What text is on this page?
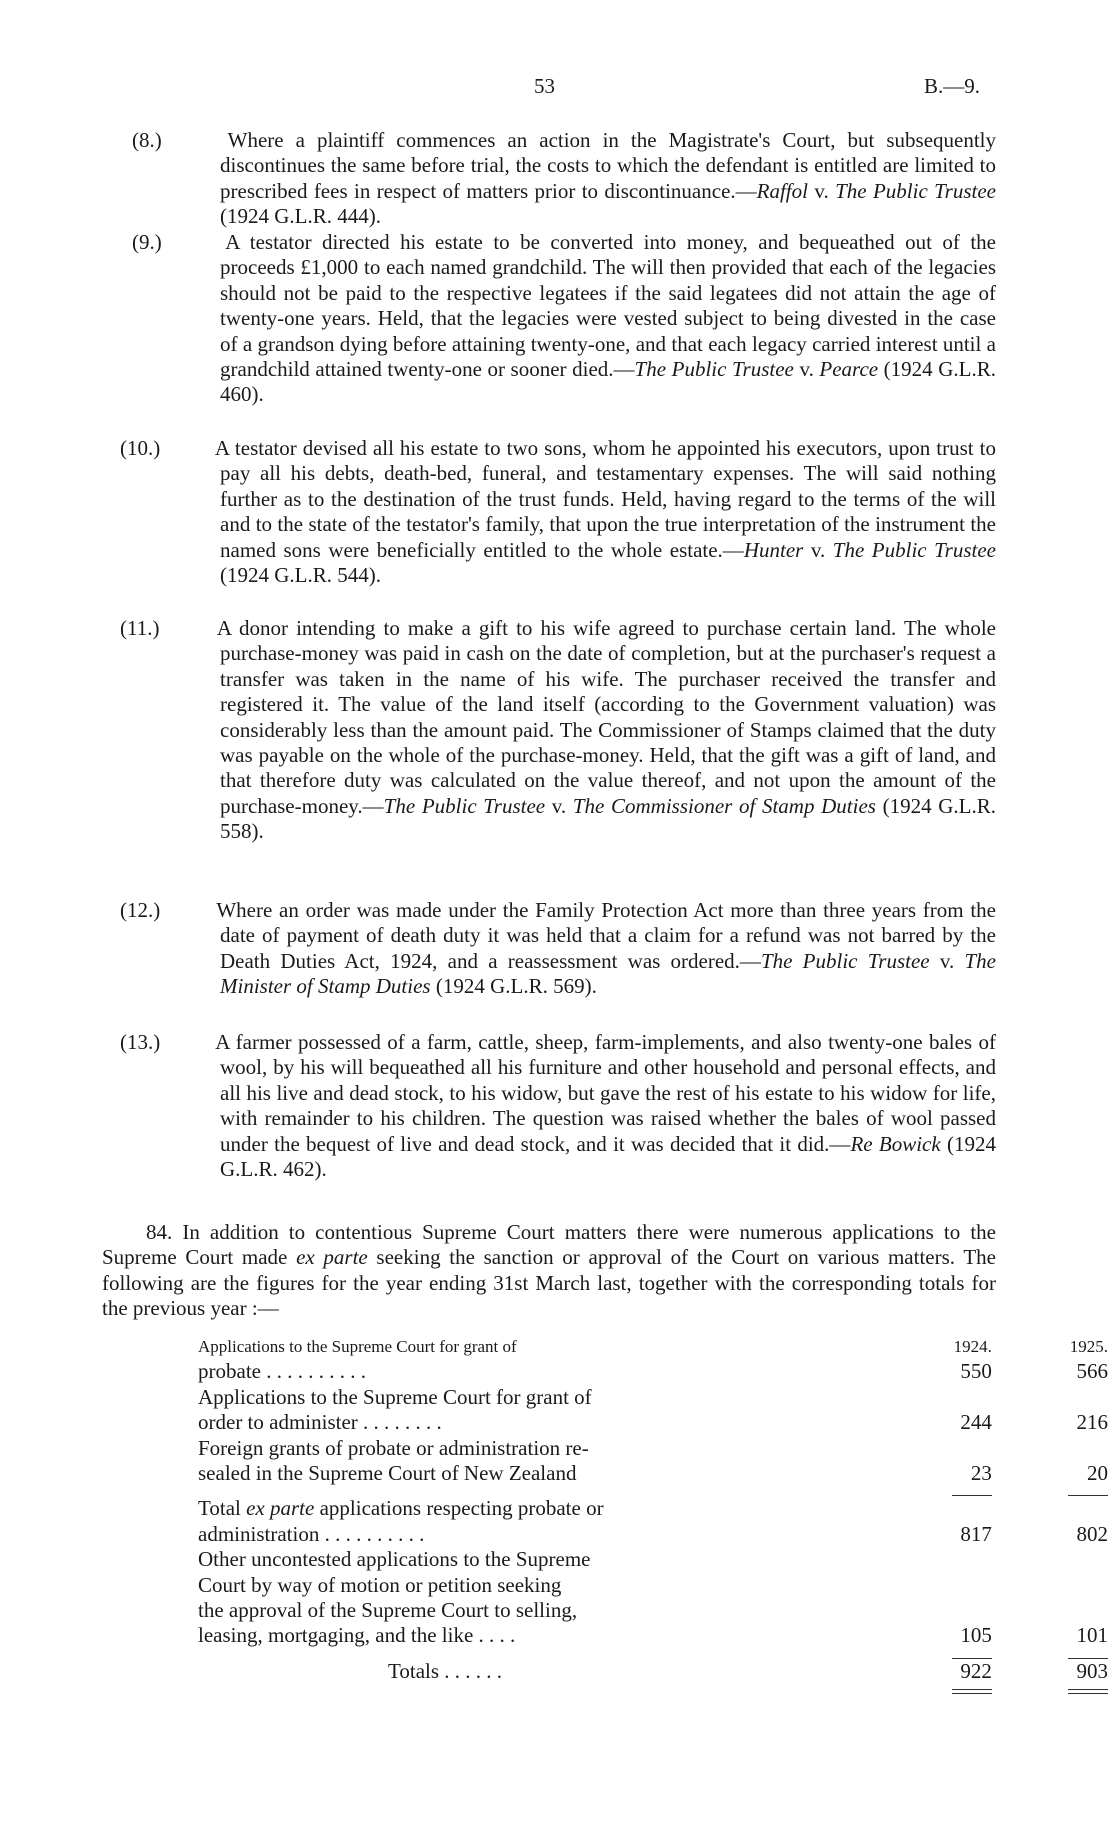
53	B.—9.
(8.)	Where a plaintiff commences an action in the Magistrate's Court, but subsequently discontinues the same before trial, the costs to which the defendant is entitled are limited to prescribed fees in respect of matters prior to discontinuance.—Raffol v. The Public Trustee (1924 G.L.R. 444).
(9.)	A testator directed his estate to be converted into money, and bequeathed out of the proceeds £1,000 to each named grandchild. The will then provided that each of the legacies should not be paid to the respective legatees if the said legatees did not attain the age of twenty-one years. Held, that the legacies were vested subject to being divested in the case of a grandson dying before attaining twenty-one, and that each legacy carried interest until a grandchild attained twenty-one or sooner died.—The Public Trustee v. Pearce (1924 G.L.R. 460).
(10.)	A testator devised all his estate to two sons, whom he appointed his executors, upon trust to pay all his debts, death-bed, funeral, and testamentary expenses. The will said nothing further as to the destination of the trust funds. Held, having regard to the terms of the will and to the state of the testator's family, that upon the true interpretation of the instrument the named sons were beneficially entitled to the whole estate.—Hunter v. The Public Trustee (1924 G.L.R. 544).
(11.)	A donor intending to make a gift to his wife agreed to purchase certain land. The whole purchase-money was paid in cash on the date of completion, but at the purchaser's request a transfer was taken in the name of his wife. The purchaser received the transfer and registered it. The value of the land itself (according to the Government valuation) was considerably less than the amount paid. The Commissioner of Stamps claimed that the duty was payable on the whole of the purchase-money. Held, that the gift was a gift of land, and that therefore duty was calculated on the value thereof, and not upon the amount of the purchase-money.—The Public Trustee v. The Commissioner of Stamp Duties (1924 G.L.R. 558).
(12.)	Where an order was made under the Family Protection Act more than three years from the date of payment of death duty it was held that a claim for a refund was not barred by the Death Duties Act, 1924, and a reassessment was ordered.—The Public Trustee v. The Minister of Stamp Duties (1924 G.L.R. 569).
(13.)	A farmer possessed of a farm, cattle, sheep, farm-implements, and also twenty-one bales of wool, by his will bequeathed all his furniture and other household and personal effects, and all his live and dead stock, to his widow, but gave the rest of his estate to his widow for life, with remainder to his children. The question was raised whether the bales of wool passed under the bequest of live and dead stock, and it was decided that it did.—Re Bowick (1924 G.L.R. 462).
84. In addition to contentious Supreme Court matters there were numerous applications to the Supreme Court made ex parte seeking the sanction or approval of the Court on various matters. The following are the figures for the year ending 31st March last, together with the corresponding totals for the previous year :—
Applications to the Supreme Court for grant of	1924.	1925.
probate . . . . . . . . . .	550	566
Applications to the Supreme Court for grant of		
order to administer . . . . . . . .	244	216
Foreign grants of probate or administration re-		
sealed in the Supreme Court of New Zealand	23	20

Total ex parte applications respecting probate or		
administration . . . . . . . . . .	817	802
Other uncontested applications to the Supreme		
Court by way of motion or petition seeking		
the approval of the Supreme Court to selling,		
leasing, mortgaging, and the like . . . .	105	101

Totals . . . . . .	922	903
